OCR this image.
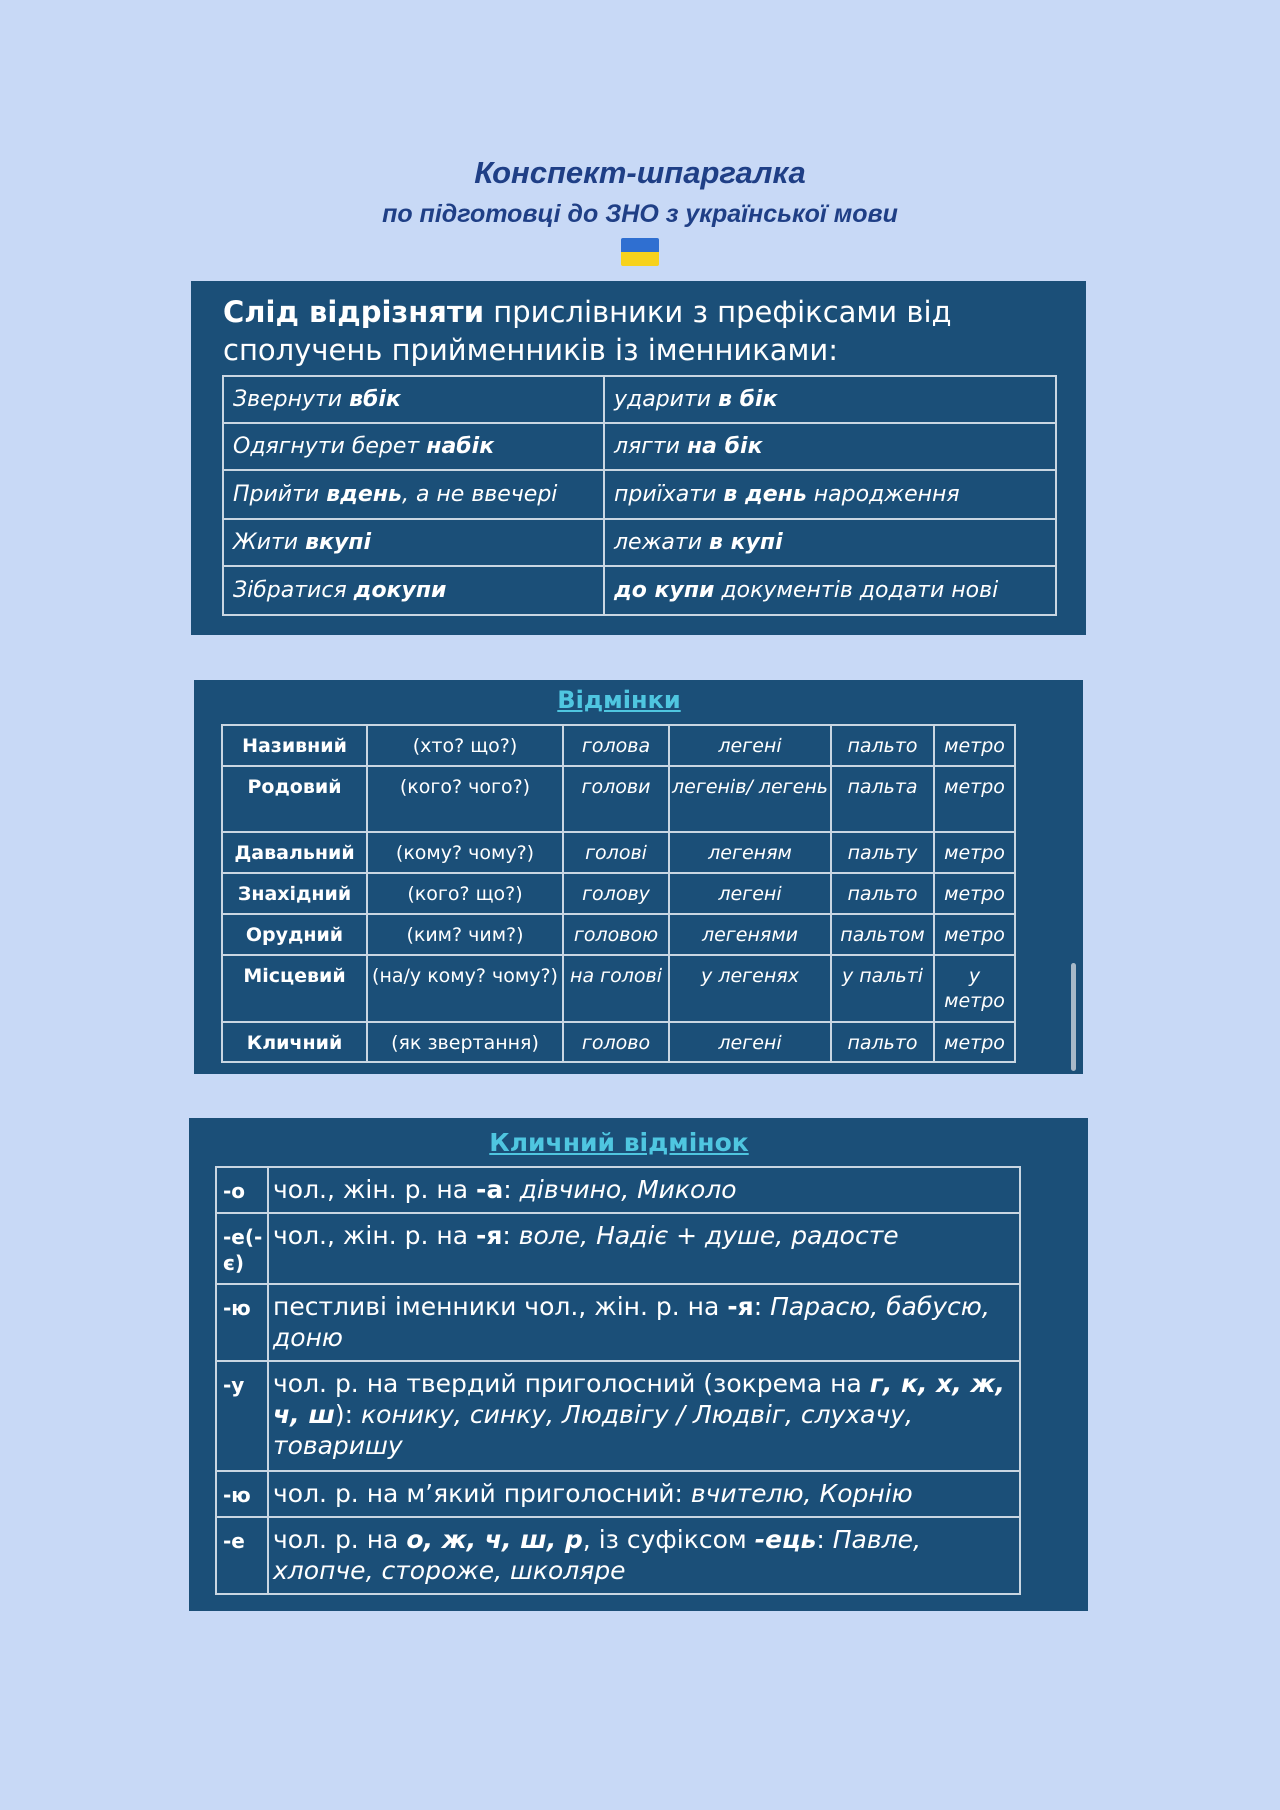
Конспект-шпаргалка

по підготовці до ЗНО з української мови

Слід відрізняти прислівники з префіксами від
сполучень прийменників із іменниками:
Звернути вбік	ударити в бік
Одягнути берет набік	лягти на бік
Прийти вдень, а не ввечері	приїхати в день народження
Жити вкупі	лежати в купі
Зібратися докупи	до купи документів додати нові
Відмінки
Називний	(хто? що?)	голова	легені	пальто	метро
Родовий	(кого? чого?)	голови	легенів/ легень	пальта	метро
Давальний	(кому? чому?)	голові	легеням	пальту	метро
Знахідний	(кого? що?)	голову	легені	пальто	метро
Орудний	(ким? чим?)	головою	легенями	пальтом	метро
Місцевий	(на/у кому? чому?)	на голові	у легенях	у пальті	у метро
Кличний	(як звертання)	голово	легені	пальто	метро
Кличний відмінок
-о	чол., жін. р. на -а: дівчино, Миколо
-е(-є)	чол., жін. р. на -я: воле, Надіє + душе, радосте
-ю	пестливі іменники чол., жін. р. на -я: Парасю, бабусю, доню
-у	чол. р. на твердий приголосний (зокрема на г, к, х, ж, ч, ш): конику, синку, Людвігу / Людвіг, слухачу, товаришу
-ю	чол. р. на м’який приголосний: вчителю, Корнію
-е	чол. р. на о, ж, ч, ш, р, із суфіксом -ець: Павле, хлопче, стороже, школяре
